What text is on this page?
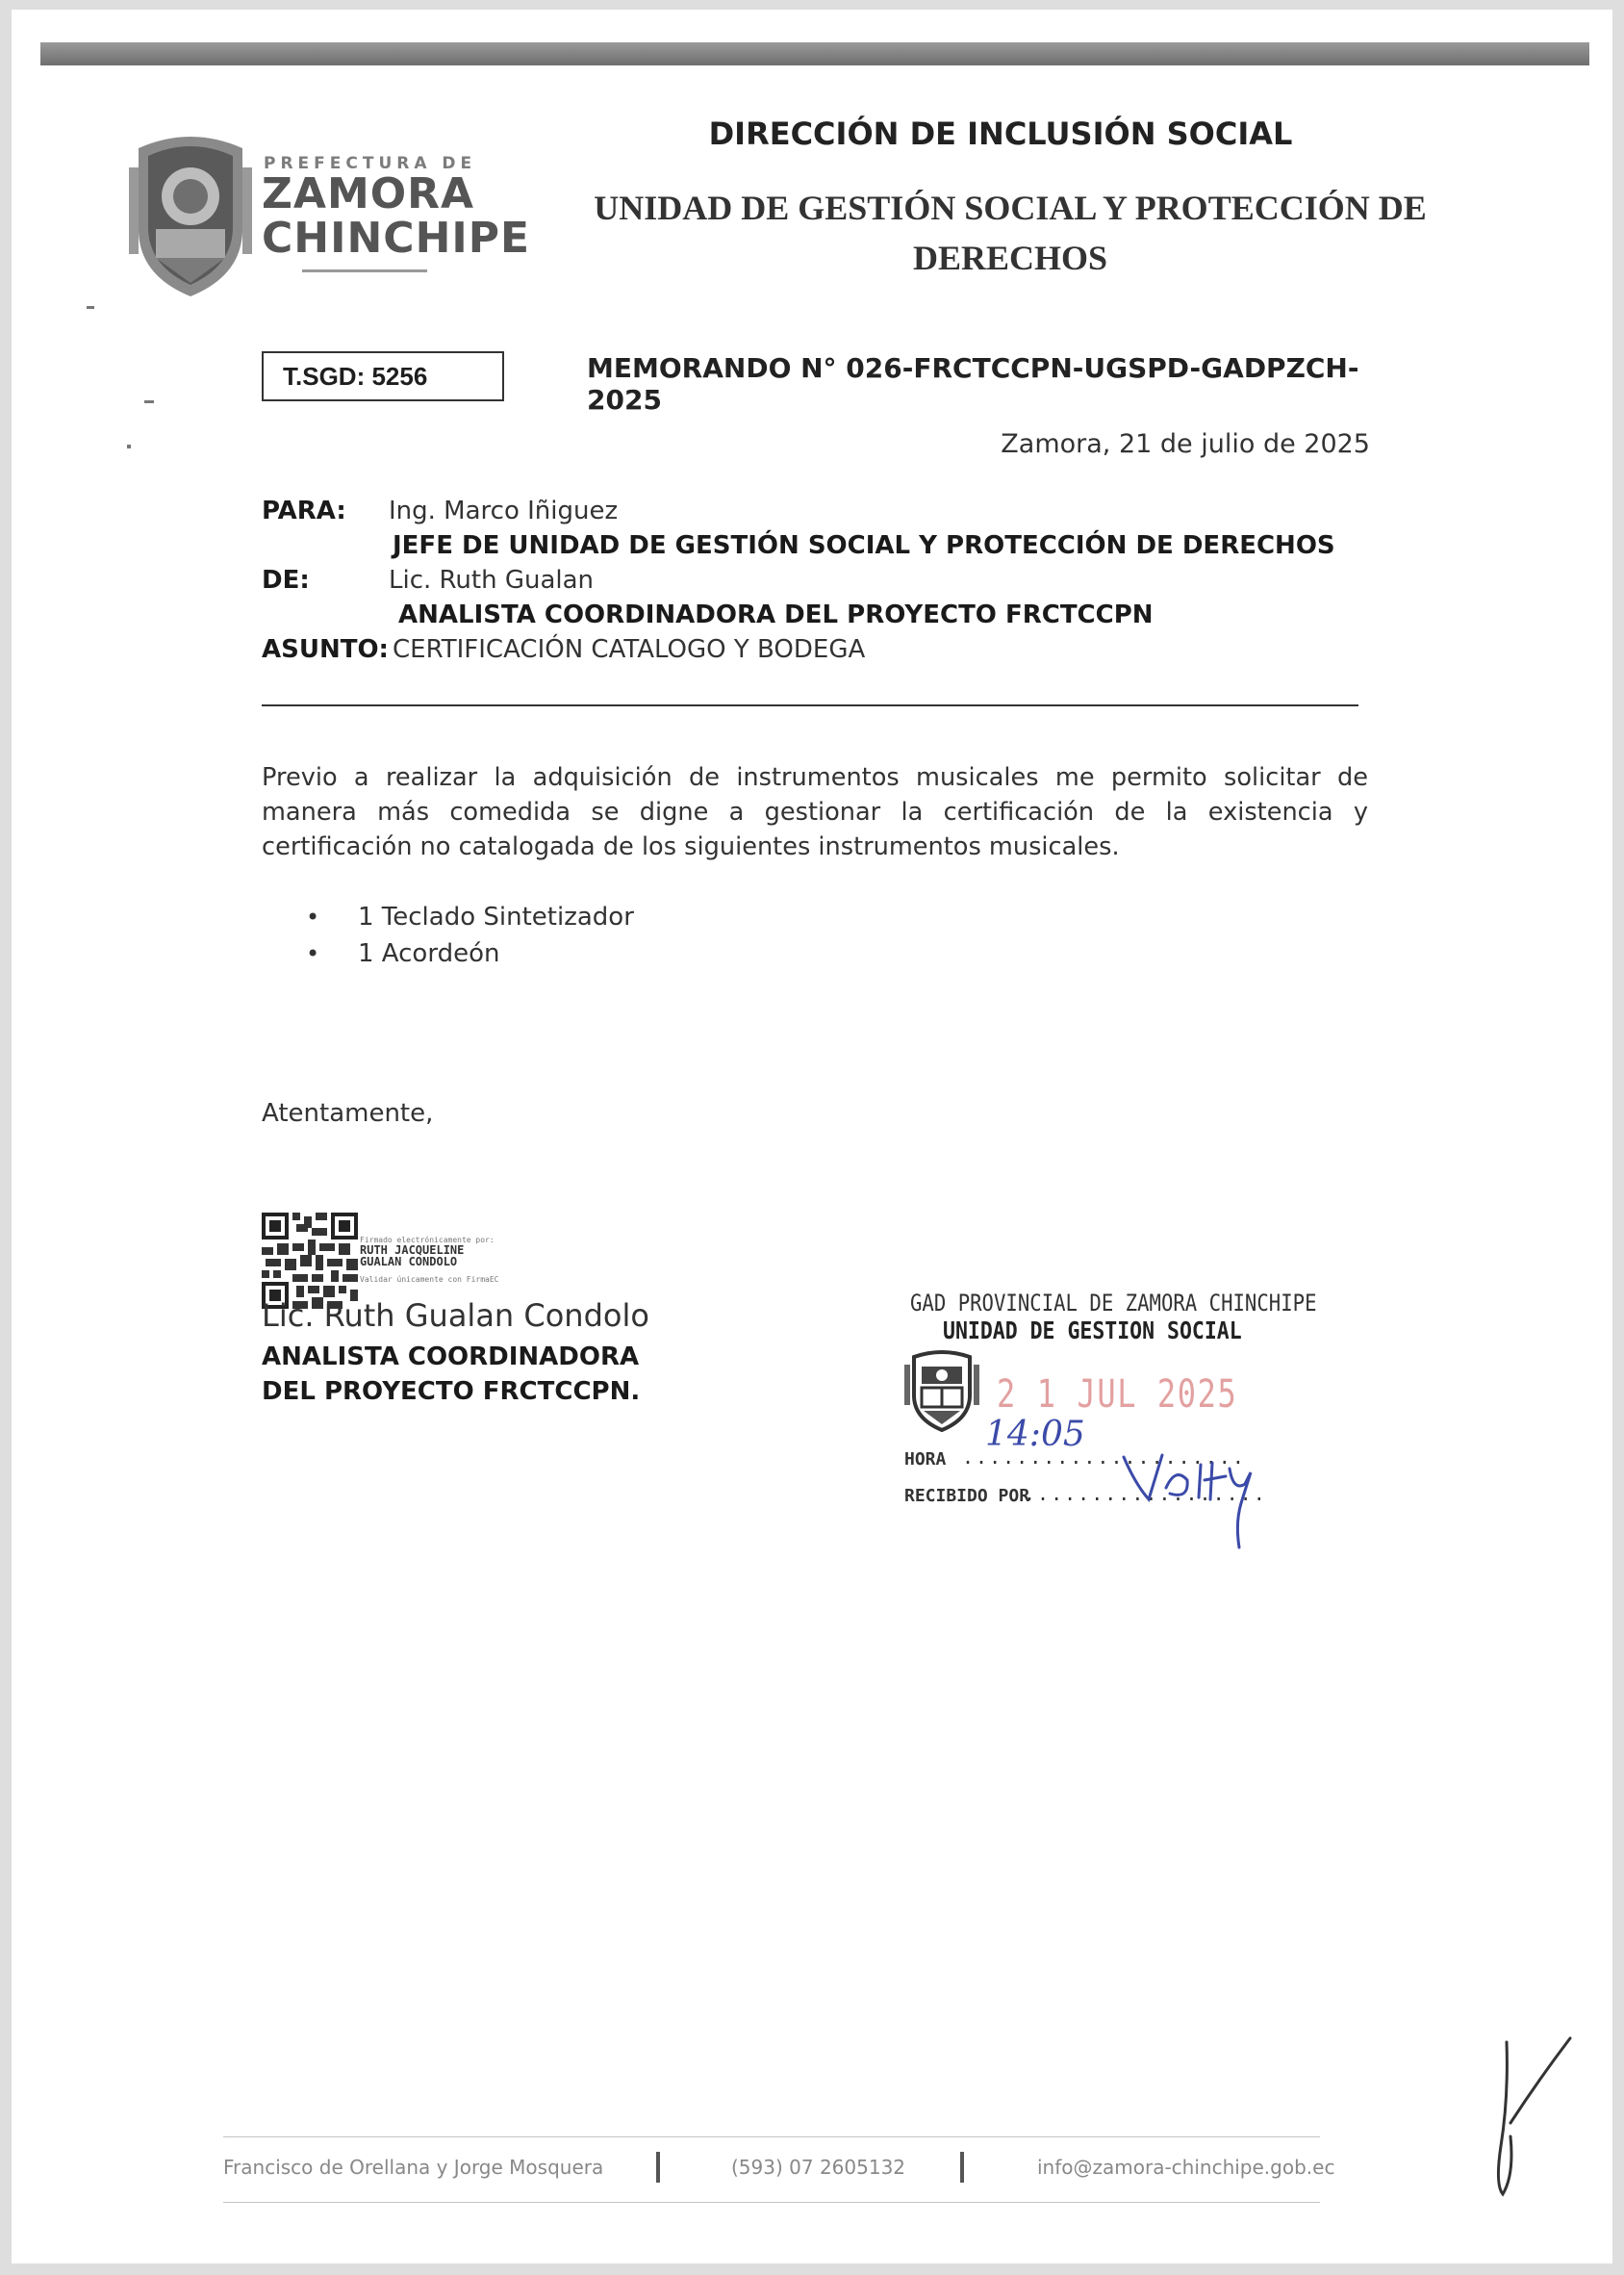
PREFECTURA DE
ZAMORA
CHINCHIPE
DIRECCIÓN DE INCLUSIÓN SOCIAL
UNIDAD DE GESTIÓN SOCIAL Y PROTECCIÓN DE DERECHOS
T.SGD: 5256	MEMORANDO N° 026-FRCTCCPN-UGSPD-GADPZCH-2025
Zamora, 21 de julio de 2025
PARA: Ing. Marco Iñiguez
JEFE DE UNIDAD DE GESTIÓN SOCIAL Y PROTECCIÓN DE DERECHOS
DE:	Lic. Ruth Gualan
ANALISTA COORDINADORA DEL PROYECTO FRCTCCPN
ASUNTO: CERTIFICACIÓN CATALOGO Y BODEGA
Previo a realizar la adquisición de instrumentos musicales me permito solicitar de manera más comedida se digne a gestionar la certificación de la existencia y certificación no catalogada de los siguientes instrumentos musicales.
• 1 Teclado Sintetizador
• 1 Acordeón
Atentamente,
Firmado electrónicamente por:
RUTH JACQUELINE
GUALAN CONDOLO
Validar únicamente con FirmaEC
Lic. Ruth Gualan Condolo
ANALISTA COORDINADORA
DEL PROYECTO FRCTCCPN.
GAD PROVINCIAL DE ZAMORA CHINCHIPE
UNIDAD DE GESTION SOCIAL
2 1 JUL 2025
14:05
HORA .....................
RECIBIDO POR
..................
Francisco de Orellana y Jorge Mosquera	(593) 07 2605132	info@zamora-chinchipe.gob.ec
